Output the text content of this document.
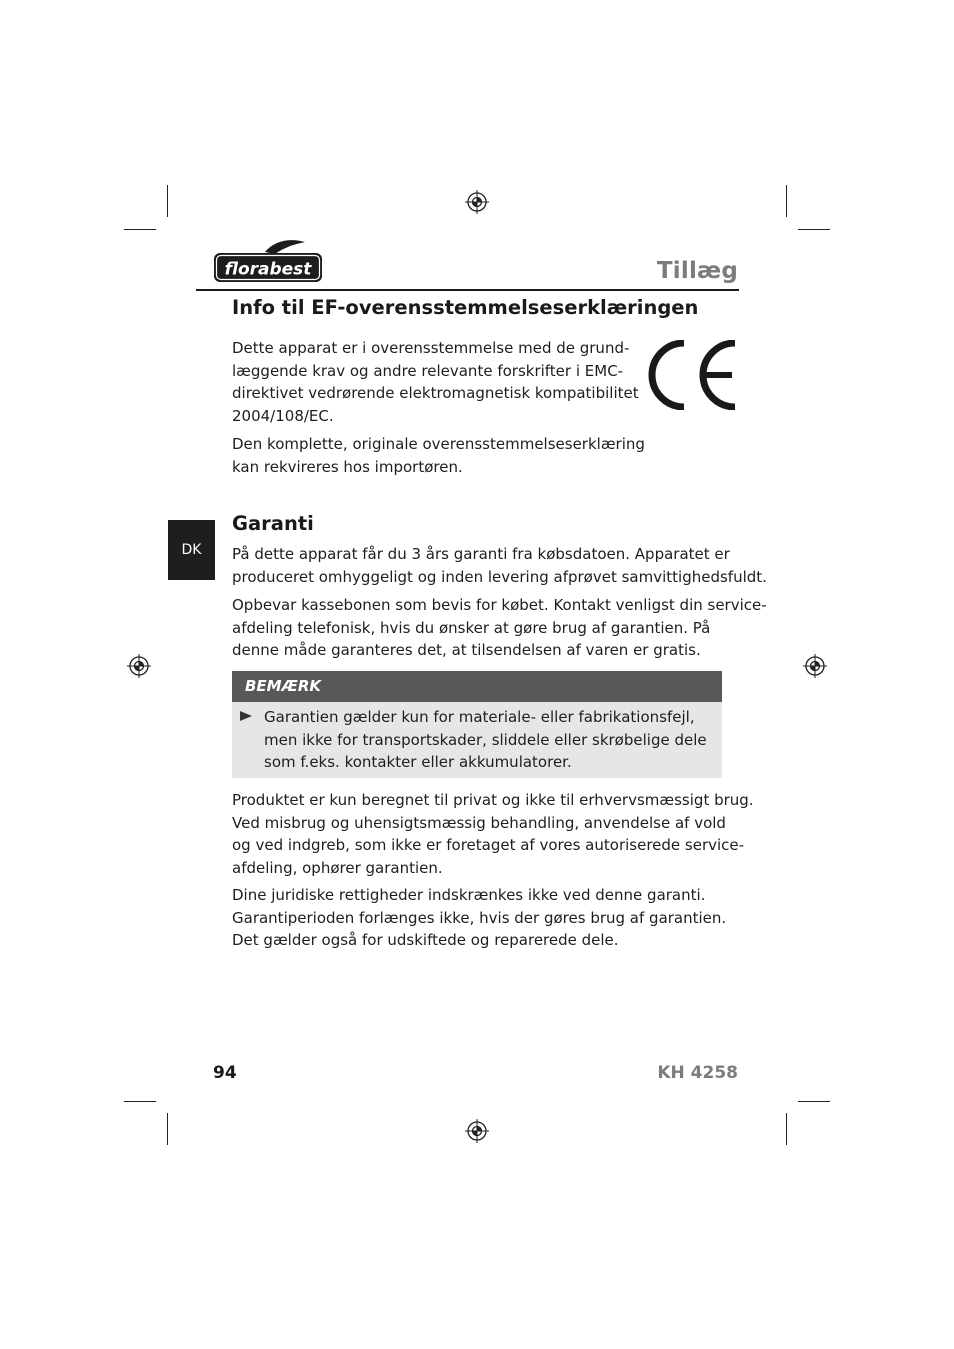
florabest	Tillæg
Info til EF-overensstemmelseserklæringen
Dette apparat er i overensstemmelse med de grund-
læggende krav og andre relevante forskrifter i EMC-
direktivet vedrørende elektromagnetisk kompatibilitet
2004/108/EC.
Den komplette, originale overensstemmelseserklæring
kan rekvireres hos importøren.
DK
Garanti
På dette apparat får du 3 års garanti fra købsdatoen. Apparatet er
produceret omhyggeligt og inden levering afprøvet samvittighedsfuldt.
Opbevar kassebonen som bevis for købet. Kontakt venligst din service-
afdeling telefonisk, hvis du ønsker at gøre brug af garantien. På
denne måde garanteres det, at tilsendelsen af varen er gratis.
BEMÆRK
Garantien gælder kun for materiale- eller fabrikationsfejl,
men ikke for transportskader, sliddele eller skrøbelige dele
som f.eks. kontakter eller akkumulatorer.
Produktet er kun beregnet til privat og ikke til erhvervsmæssigt brug.
Ved misbrug og uhensigtsmæssig behandling, anvendelse af vold
og ved indgreb, som ikke er foretaget af vores autoriserede service-
afdeling, ophører garantien.
Dine juridiske rettigheder indskrænkes ikke ved denne garanti.
Garantiperioden forlænges ikke, hvis der gøres brug af garantien.
Det gælder også for udskiftede og reparerede dele.
94	KH 4258
